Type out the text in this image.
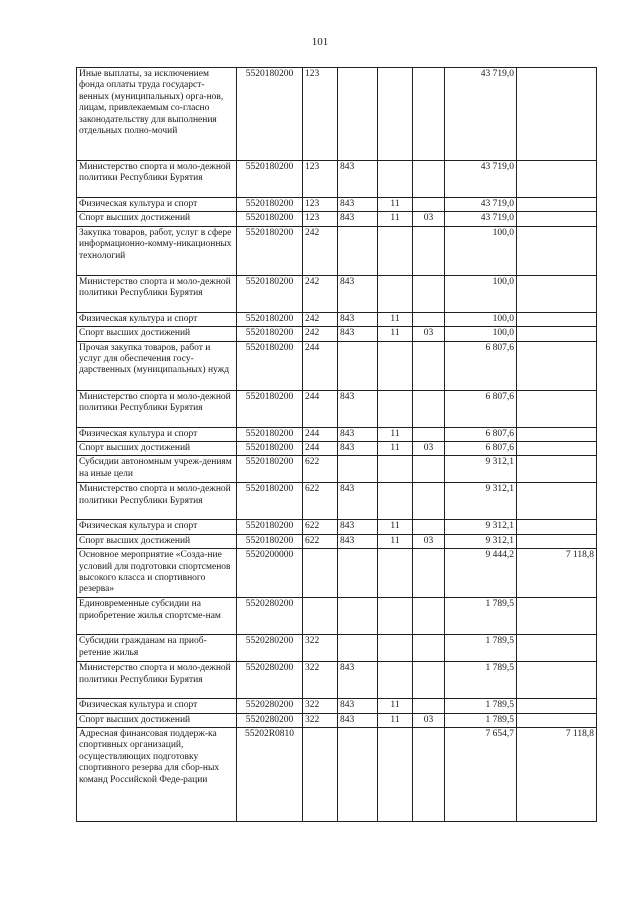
101
Иные выплаты, за исключением фонда оплаты труда государст-венных (муниципальных) орга-нов, лицам, привлекаемым со-гласно законодательству для выполнения отдельных полно-мочий	5520180200	123				43 719,0	
Министерство спорта и моло-дежной политики Республики Бурятия	5520180200	123	843			43 719,0	
Физическая культура и спорт	5520180200	123	843	11		43 719,0	
Спорт высших достижений	5520180200	123	843	11	03	43 719,0	
Закупка товаров, работ, услуг в сфере информационно-комму-никационных технологий	5520180200	242				100,0	
Министерство спорта и моло-дежной политики Республики Бурятия	5520180200	242	843			100,0	
Физическая культура и спорт	5520180200	242	843	11		100,0	
Спорт высших достижений	5520180200	242	843	11	03	100,0	
Прочая закупка товаров, работ и услуг для обеспечения госу-дарственных (муниципальных) нужд	5520180200	244				6 807,6	
Министерство спорта и моло-дежной политики Республики Бурятия	5520180200	244	843			6 807,6	
Физическая культура и спорт	5520180200	244	843	11		6 807,6	
Спорт высших достижений	5520180200	244	843	11	03	6 807,6	
Субсидии автономным учреж-дениям на иные цели	5520180200	622				9 312,1	
Министерство спорта и моло-дежной политики Республики Бурятия	5520180200	622	843			9 312,1	
Физическая культура и спорт	5520180200	622	843	11		9 312,1	
Спорт высших достижений	5520180200	622	843	11	03	9 312,1	
Основное мероприятие «Созда-ние условий для подготовки спортсменов высокого класса и спортивного резерва»	5520200000					9 444,2	7 118,8
Единовременные субсидии на приобретение жилья спортсме-нам	5520280200					1 789,5	
Субсидии гражданам на приоб-ретение жилья	5520280200	322				1 789,5	
Министерство спорта и моло-дежной политики Республики Бурятия	5520280200	322	843			1 789,5	
Физическая культура и спорт	5520280200	322	843	11		1 789,5	
Спорт высших достижений	5520280200	322	843	11	03	1 789,5	
Адресная финансовая поддерж-ка спортивных организаций, осуществляющих подготовку спортивного резерва для сбор-ных команд Российской Феде-рации	55202R0810					7 654,7	7 118,8
